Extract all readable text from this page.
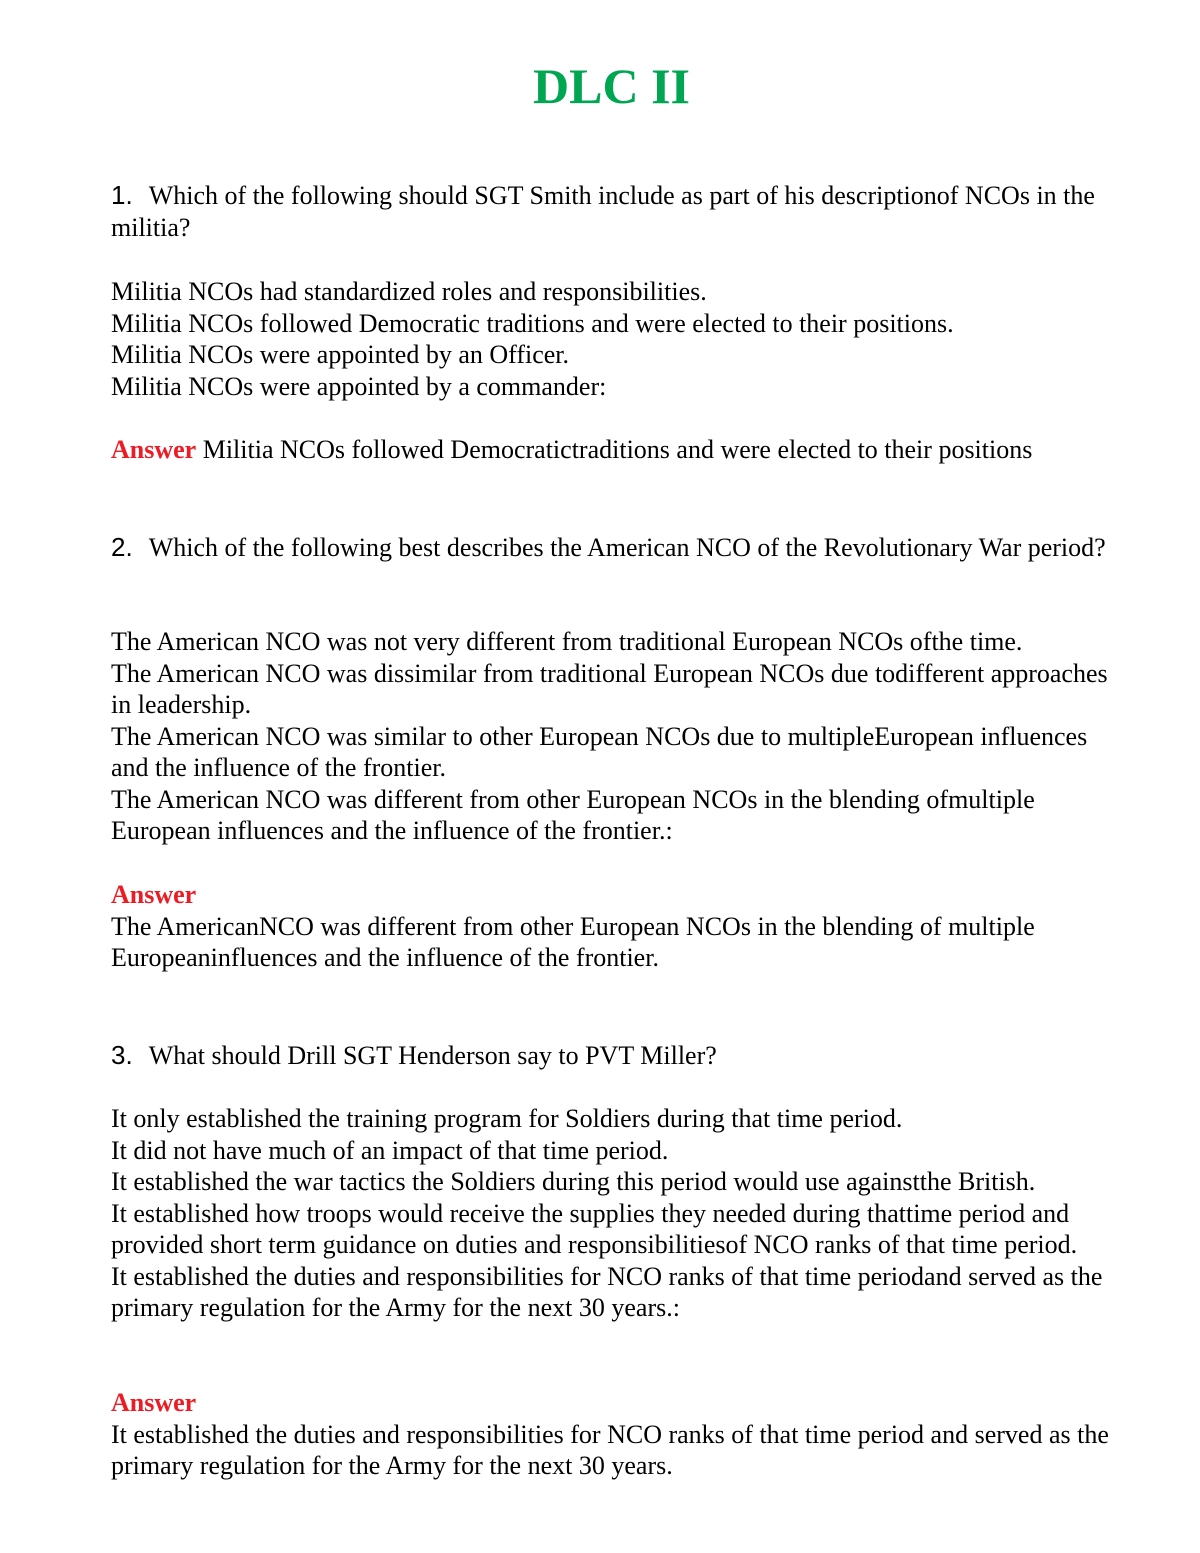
DLC II
1. Which of the following should SGT Smith include as part of his descriptionof NCOs in the militia?
Militia NCOs had standardized roles and responsibilities.
Militia NCOs followed Democratic traditions and were elected to their positions.
Militia NCOs were appointed by an Officer.
Militia NCOs were appointed by a commander:
Answer Militia NCOs followed Democratictraditions and were elected to their positions
2. Which of the following best describes the American NCO of the Revolutionary War period?
The American NCO was not very different from traditional European NCOs ofthe time.
The American NCO was dissimilar from traditional European NCOs due todifferent approaches in leadership.
The American NCO was similar to other European NCOs due to multipleEuropean influences and the influence of the frontier.
The American NCO was different from other European NCOs in the blending ofmultiple European influences and the influence of the frontier.:
Answer
The AmericanNCO was different from other European NCOs in the blending of multiple Europeaninfluences and the influence of the frontier.
3. What should Drill SGT Henderson say to PVT Miller?
It only established the training program for Soldiers during that time period.
It did not have much of an impact of that time period.
It established the war tactics the Soldiers during this period would use againstthe British.
It established how troops would receive the supplies they needed during thattime period and provided short term guidance on duties and responsibilitiesof NCO ranks of that time period.
It established the duties and responsibilities for NCO ranks of that time periodand served as the primary regulation for the Army for the next 30 years.:
Answer
It established the duties and responsibilities for NCO ranks of that time period and served as the primary regulation for the Army for the next 30 years.
